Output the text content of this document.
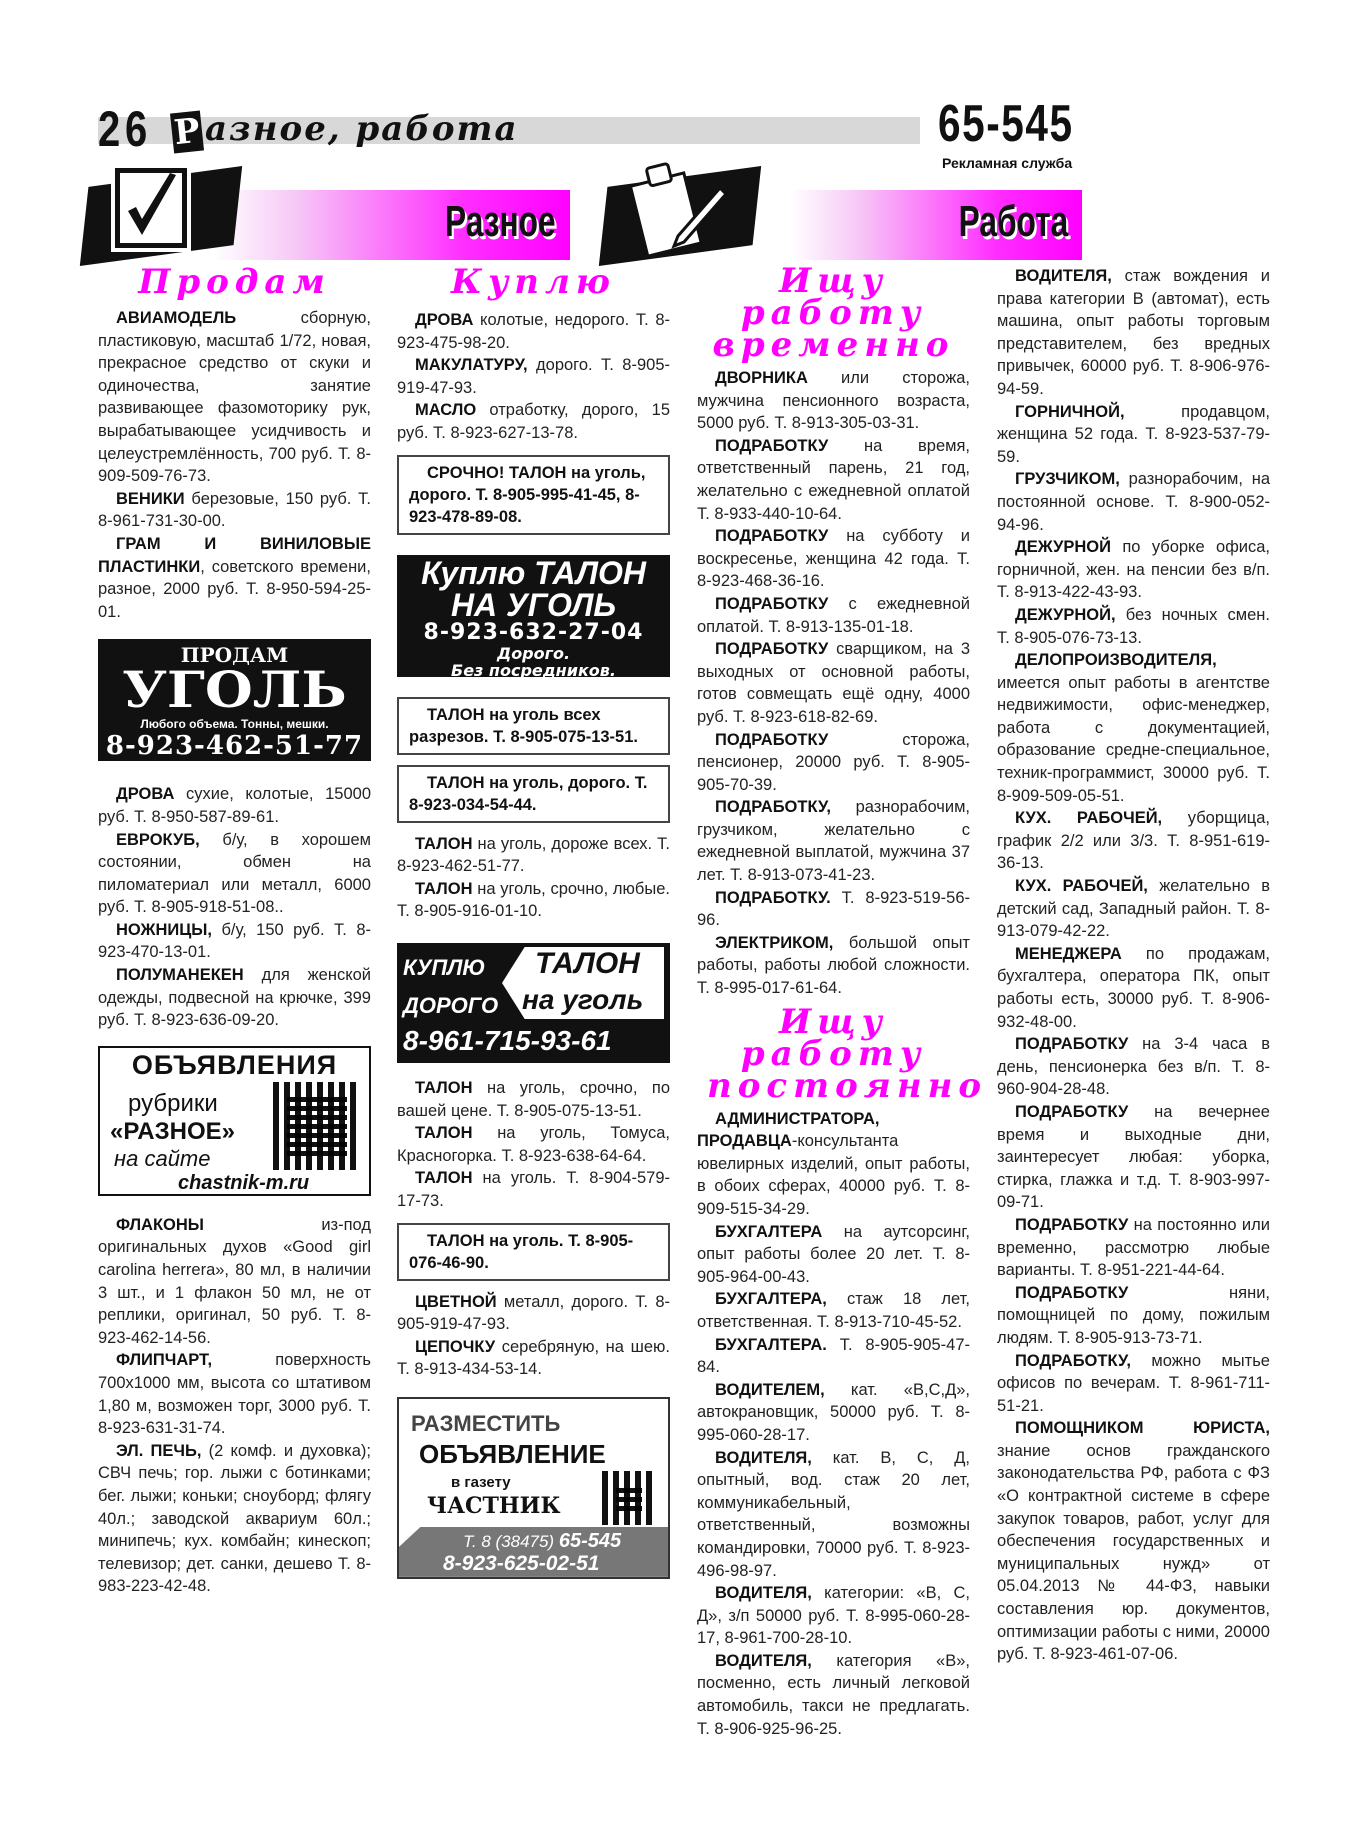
26 Р азное, работа	65-545
Рекламная служба
Разное	Работа
Продам

АВИАМОДЕЛЬ сборную, пластиковую, масштаб 1/72, новая, прекрасное средство от скуки и одиночества, занятие развивающее фазомоторику рук, вырабатывающее усидчивость и целеустремлённость, 700 руб. Т. 8-909-509-76-73.

ВЕНИКИ березовые, 150 руб. Т. 8-961-731-30-00.

ГРАМ И ВИНИЛОВЫЕ ПЛАСТИНКИ, советского времени, разное, 2000 руб. Т. 8-950-594-25-01.

ПРОДАМ
УГОЛЬ
Любого объема. Тонны, мешки.
8-923-462-51-77

ДРОВА сухие, колотые, 15000 руб. Т. 8-950-587-89-61.

ЕВРОКУБ, б/у, в хорошем состоянии, обмен на пиломатериал или металл, 6000 руб. Т. 8-905-918-51-08..

НОЖНИЦЫ, б/у, 150 руб. Т. 8-923-470-13-01.

ПОЛУМАНЕКЕН для женской одежды, подвесной на крючке, 399 руб. Т. 8-923-636-09-20.

ОБЪЯВЛЕНИЯ
рубрики
«РАЗНОЕ»
на сайте
chastnik-m.ru

ФЛАКОНЫ из-под оригинальных духов «Good girl carolina herrera», 80 мл, в наличии 3 шт., и 1 флакон 50 мл, не от реплики, оригинал, 50 руб. Т. 8-923-462-14-56.

ФЛИПЧАРТ, поверхность 700x1000 мм, высота со штативом 1,80 м, возможен торг, 3000 руб. Т. 8-923-631-31-74.

ЭЛ. ПЕЧЬ, (2 комф. и духовка); СВЧ печь; гор. лыжи с ботинками; бег. лыжи; коньки; сноуборд; флягу 40л.; заводской аквариум 60л.; минипечь; кух. комбайн; кинескоп; телевизор; дет. санки, дешево Т. 8-983-223-42-48.

Куплю

ДРОВА колотые, недорого. Т. 8-923-475-98-20.

МАКУЛАТУРУ, дорого. Т. 8-905-919-47-93.

МАСЛО отработку, дорого, 15 руб. Т. 8-923-627-13-78.

СРОЧНО! ТАЛОН на уголь, дорого. Т. 8-905-995-41-45, 8-923-478-89-08.
Куплю ТАЛОН
НА УГОЛЬ
8-923-632-27-04
Дорого.
Без посредников.
ТАЛОН на уголь всех разрезов. Т. 8-905-075-13-51.
ТАЛОН на уголь, дорого. Т. 8-923-034-54-44.

ТАЛОН на уголь, дороже всех. Т. 8-923-462-51-77.

ТАЛОН на уголь, срочно, любые. Т. 8-905-916-01-10.

КУПЛЮ
ДОРОГО
ТАЛОН
на уголь
8-961-715-93-61

ТАЛОН на уголь, срочно, по вашей цене. Т. 8-905-075-13-51.

ТАЛОН на уголь, Томуса, Красногорка. Т. 8-923-638-64-64.

ТАЛОН на уголь. Т. 8-904-579-17-73.

ТАЛОН на уголь. Т. 8-905-076-46-90.

ЦВЕТНОЙ металл, дорого. Т. 8-905-919-47-93.

ЦЕПОЧКУ серебряную, на шею. Т. 8-913-434-53-14.

РАЗМЕСТИТЬ
ОБЪЯВЛЕНИЕ
в газету
ЧАСТНИК
Т. 8 (38475) 65-545
8-923-625-02-51
Ищу работу временно

ДВОРНИКА или сторожа, мужчина пенсионного возраста, 5000 руб. Т. 8-913-305-03-31.

ПОДРАБОТКУ на время, ответственный парень, 21 год, желательно с ежедневной оплатой Т. 8-933-440-10-64.

ПОДРАБОТКУ на субботу и воскресенье, женщина 42 года. Т. 8-923-468-36-16.

ПОДРАБОТКУ с ежедневной оплатой. Т. 8-913-135-01-18.

ПОДРАБОТКУ сварщиком, на 3 выходных от основной работы, готов совмещать ещё одну, 4000 руб. Т. 8-923-618-82-69.

ПОДРАБОТКУ сторожа, пенсионер, 20000 руб. Т. 8-905-905-70-39.

ПОДРАБОТКУ, разнорабочим, грузчиком, желательно с ежедневной выплатой, мужчина 37 лет. Т. 8-913-073-41-23.

ПОДРАБОТКУ. Т. 8-923-519-56-96.

ЭЛЕКТРИКОМ, большой опыт работы, работы любой сложности. Т. 8-995-017-61-64.

Ищу работу постоянно

АДМИНИСТРАТОРА, ПРОДАВЦА-консультанта ювелирных изделий, опыт работы, в обоих сферах, 40000 руб. Т. 8-909-515-34-29.

БУХГАЛТЕРА на аутсорсинг, опыт работы более 20 лет. Т. 8-905-964-00-43.

БУХГАЛТЕРА, стаж 18 лет, ответственная. Т. 8-913-710-45-52.

БУХГАЛТЕРА. Т. 8-905-905-47-84.

ВОДИТЕЛЕМ, кат. «В,С,Д», автокрановщик, 50000 руб. Т. 8-995-060-28-17.

ВОДИТЕЛЯ, кат. В, С, Д, опытный, вод. стаж 20 лет, коммуникабельный, ответственный, возможны командировки, 70000 руб. Т. 8-923-496-98-97.

ВОДИТЕЛЯ, категории: «В, С, Д», з/п 50000 руб. Т. 8-995-060-28-17, 8-961-700-28-10.

ВОДИТЕЛЯ, категория «В», посменно, есть личный легковой автомобиль, такси не предлагать. Т. 8-906-925-96-25.

ВОДИТЕЛЯ, стаж вождения и права категории В (автомат), есть машина, опыт работы торговым представителем, без вредных привычек, 60000 руб. Т. 8-906-976-94-59.

ГОРНИЧНОЙ, продавцом, женщина 52 года. Т. 8-923-537-79-59.

ГРУЗЧИКОМ, разнорабочим, на постоянной основе. Т. 8-900-052-94-96.

ДЕЖУРНОЙ по уборке офиса, горничной, жен. на пенсии без в/п. Т. 8-913-422-43-93.

ДЕЖУРНОЙ, без ночных смен. Т. 8-905-076-73-13.

ДЕЛОПРОИЗВОДИТЕЛЯ, имеется опыт работы в агентстве недвижимости, офис-менеджер, работа с документацией, образование средне-специальное, техник-программист, 30000 руб. Т. 8-909-509-05-51.

КУХ. РАБОЧЕЙ, уборщица, график 2/2 или 3/3. Т. 8-951-619-36-13.

КУХ. РАБОЧЕЙ, желательно в детский сад, Западный район. Т. 8-913-079-42-22.

МЕНЕДЖЕРА по продажам, бухгалтера, оператора ПК, опыт работы есть, 30000 руб. Т. 8-906-932-48-00.

ПОДРАБОТКУ на 3-4 часа в день, пенсионерка без в/п. Т. 8-960-904-28-48.

ПОДРАБОТКУ на вечернее время и выходные дни, заинтересует любая: уборка, стирка, глажка и т.д. Т. 8-903-997-09-71.

ПОДРАБОТКУ на постоянно или временно, рассмотрю любые варианты. Т. 8-951-221-44-64.

ПОДРАБОТКУ няни, помощницей по дому, пожилым людям. Т. 8-905-913-73-71.

ПОДРАБОТКУ, можно мытье офисов по вечерам. Т. 8-961-711-51-21.

ПОМОЩНИКОМ ЮРИСТА, знание основ гражданского законодательства РФ, работа с ФЗ «О контрактной системе в сфере закупок товаров, работ, услуг для обеспечения государственных и муниципальных нужд» от 05.04.2013 № 44-ФЗ, навыки составления юр. документов, оптимизации работы с ними, 20000 руб. Т. 8-923-461-07-06.
